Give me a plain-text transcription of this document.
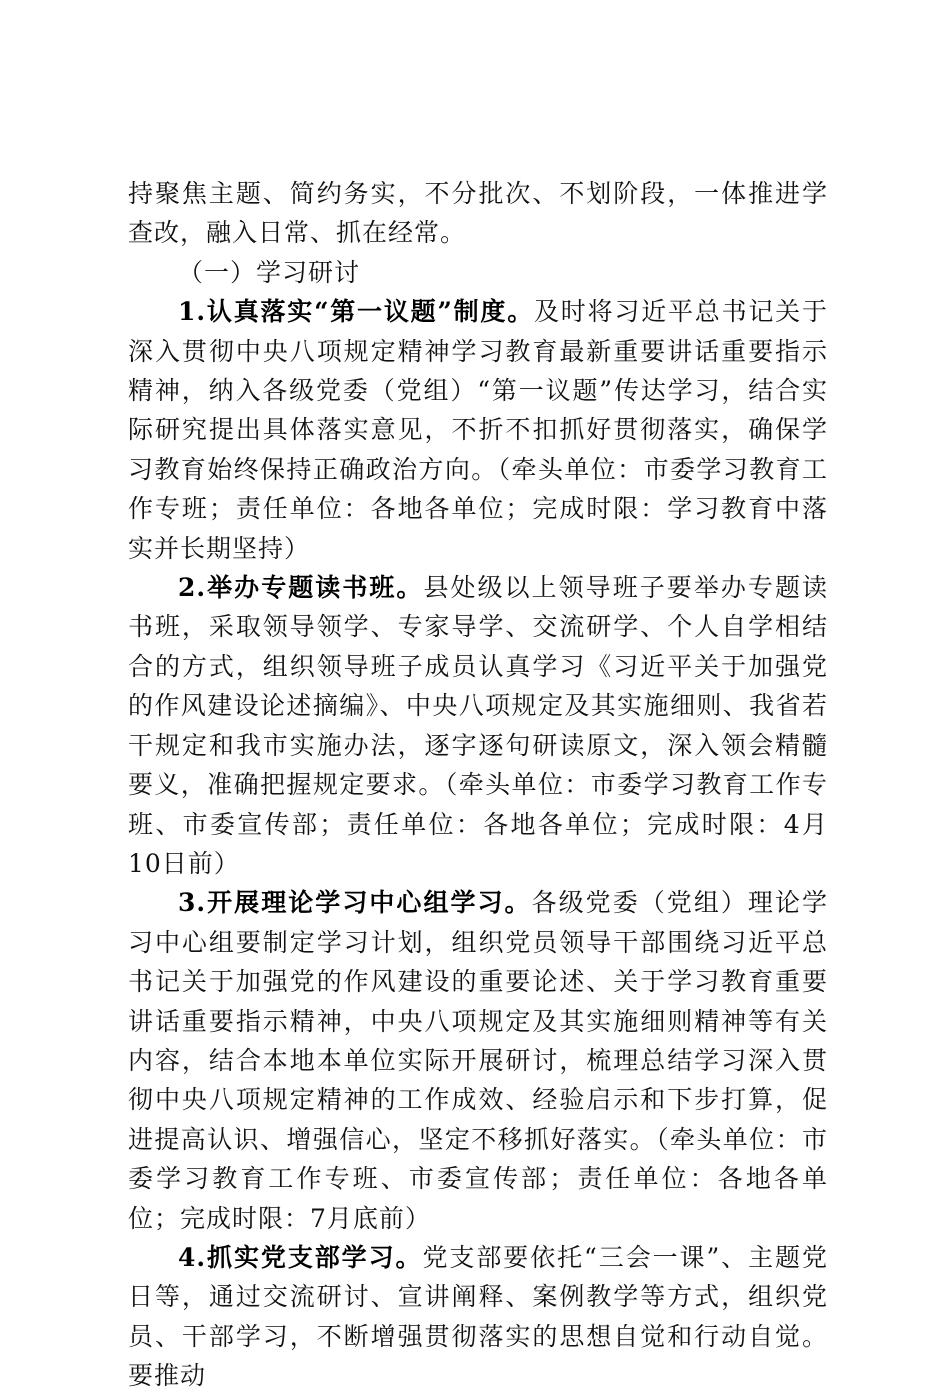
持聚焦主题、简约务实，不分批次、不划阶段，一体推进学查改，融入日常、抓在经常。

（一）学习研讨

1.认真落实“第一议题”制度。及时将习近平总书记关于深入贯彻中央八项规定精神学习教育最新重要讲话重要指示精神，纳入各级党委（党组）“第一议题”传达学习，结合实际研究提出具体落实意见，不折不扣抓好贯彻落实，确保学习教育始终保持正确政治方向。（牵头单位：市委学习教育工作专班；责任单位：各地各单位；完成时限：学习教育中落实并长期坚持）

2.举办专题读书班。县处级以上领导班子要举办专题读书班，采取领导领学、专家导学、交流研学、个人自学相结合的方式，组织领导班子成员认真学习《习近平关于加强党的作风建设论述摘编》、中央八项规定及其实施细则、我省若干规定和我市实施办法，逐字逐句研读原文，深入领会精髓要义，准确把握规定要求。（牵头单位：市委学习教育工作专班、市委宣传部；责任单位：各地各单位；完成时限：4月10日前）

3.开展理论学习中心组学习。各级党委（党组）理论学习中心组要制定学习计划，组织党员领导干部围绕习近平总书记关于加强党的作风建设的重要论述、关于学习教育重要讲话重要指示精神，中央八项规定及其实施细则精神等有关内容，结合本地本单位实际开展研讨，梳理总结学习深入贯彻中央八项规定精神的工作成效、经验启示和下步打算，促进提高认识、增强信心，坚定不移抓好落实。（牵头单位：市委学习教育工作专班、市委宣传部；责任单位：各地各单位；完成时限：7月底前）

4.抓实党支部学习。党支部要依托“三会一课”、主题党日等，通过交流研讨、宣讲阐释、案例教学等方式，组织党员、干部学习，不断增强贯彻落实的思想自觉和行动自觉。要推动
